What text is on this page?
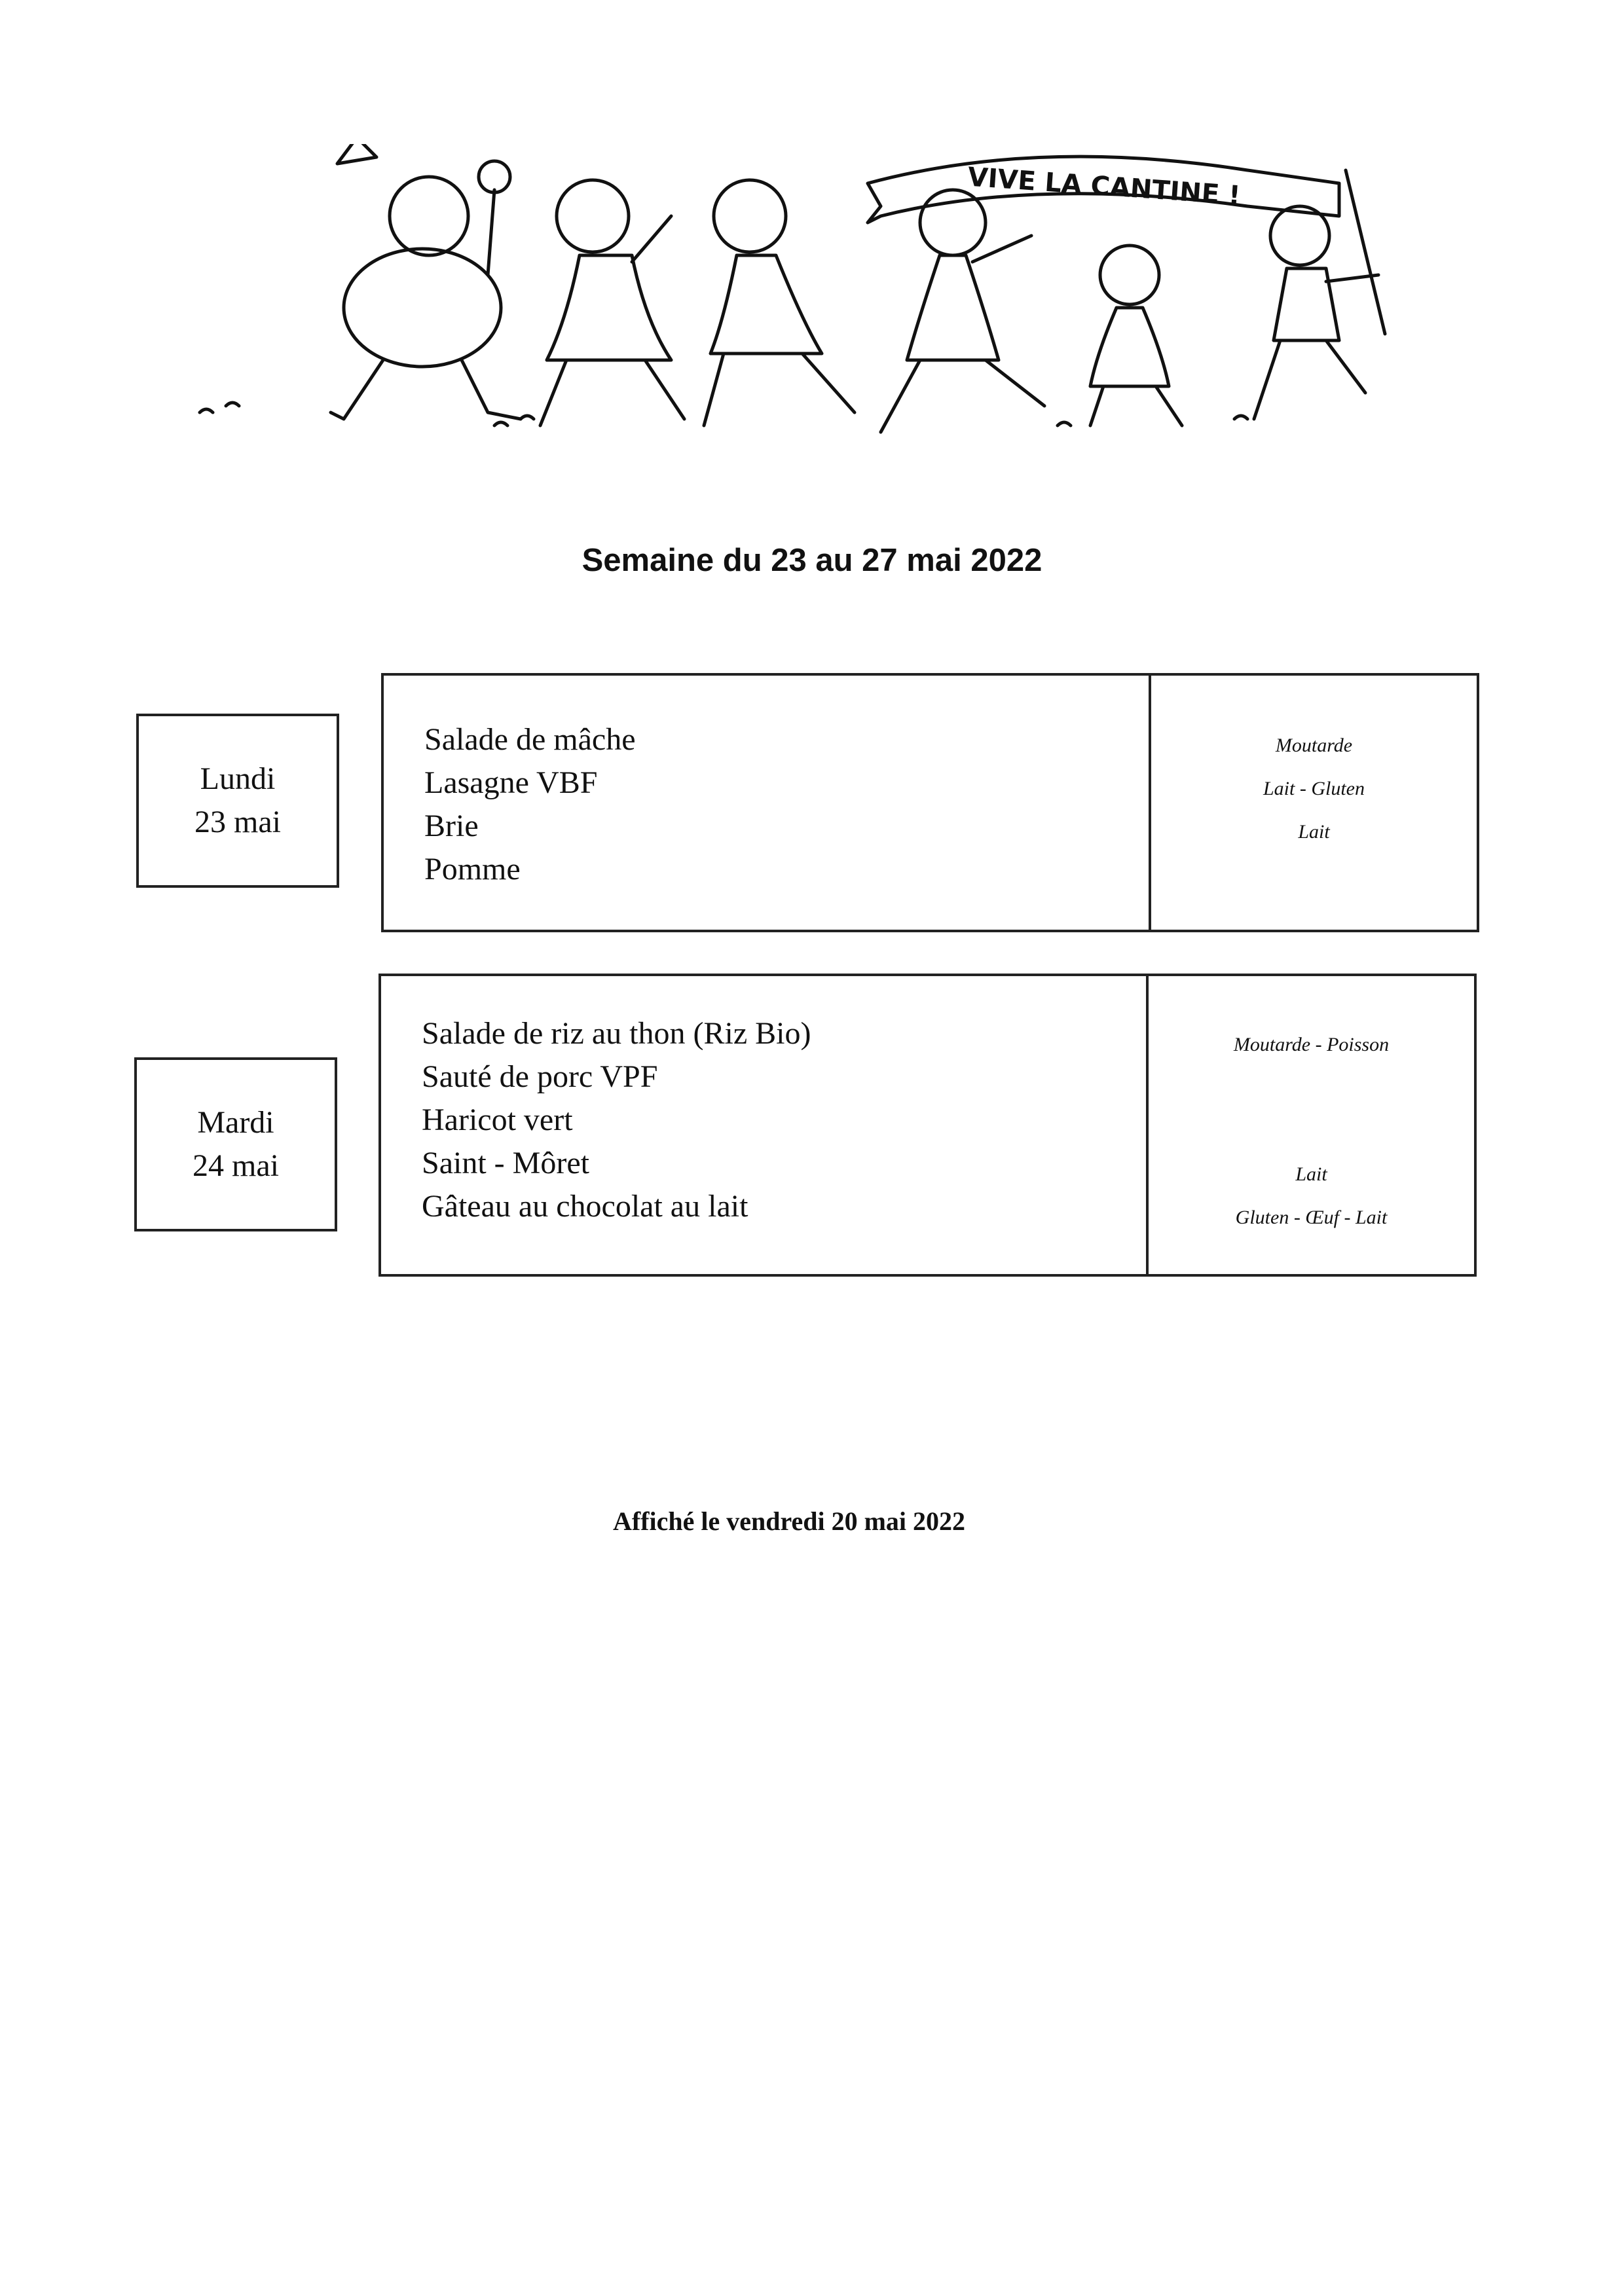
VIVE LA CANTINE !
Semaine du 23 au 27 mai 2022
Lundi
23 mai
Salade de mâche
Lasagne VBF
Brie
Pomme
Moutarde
Lait - Gluten
Lait
Mardi
24 mai
Salade de riz au thon (Riz Bio)
Sauté de porc VPF
Haricot vert
Saint - Môret
Gâteau au chocolat au lait
Moutarde - Poisson
Lait
Gluten - Œuf - Lait
Affiché le vendredi 20 mai 2022
